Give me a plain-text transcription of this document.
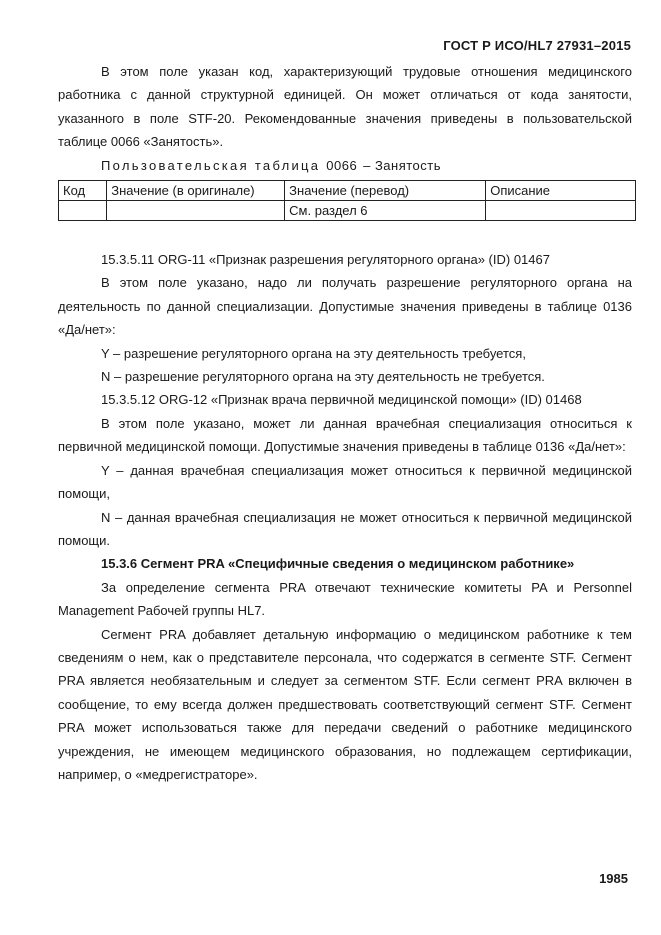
ГОСТ Р ИСО/HL7 27931–2015

В этом поле указан код, характеризующий трудовые отношения медицинского работника с данной структурной единицей. Он может отличаться от кода занятости, указанного в поле STF-20. Рекомендованные значения приведены в пользовательской таблице 0066 «Занятость».

Пользовательская таблица 0066 – Занятость

Код	Значение (в оригинале)	Значение (перевод)	Описание
		См. раздел 6	

15.3.5.11 ORG-11 «Признак разрешения регуляторного органа» (ID) 01467

В этом поле указано, надо ли получать разрешение регуляторного органа на деятельность по данной специализации. Допустимые значения приведены в таблице 0136 «Да/нет»:

Y – разрешение регуляторного органа на эту деятельность требуется,

N – разрешение регуляторного органа на эту деятельность не требуется.

15.3.5.12 ORG-12 «Признак врача первичной медицинской помощи» (ID) 01468

В этом поле указано, может ли данная врачебная специализация относиться к первичной медицинской помощи. Допустимые значения приведены в таблице 0136 «Да/нет»:

Y – данная врачебная специализация может относиться к первичной медицинской помощи,

N – данная врачебная специализация не может относиться к первичной медицинской помощи.

15.3.6 Сегмент PRA «Специфичные сведения о медицинском работнике»

За определение сегмента PRA отвечают технические комитеты PA и Personnel Management Рабочей группы HL7.

Сегмент PRA добавляет детальную информацию о медицинском работнике к тем сведениям о нем, как о представителе персонала, что содержатся в сегменте STF. Сегмент PRA является необязательным и следует за сегментом STF. Если сегмент PRA включен в сообщение, то ему всегда должен предшествовать соответствующий сегмент STF. Сегмент PRA может использоваться также для передачи сведений о работнике медицинского учреждения, не имеющем медицинского образования, но подлежащем сертификации, например, о «медрегистраторе».

1985
